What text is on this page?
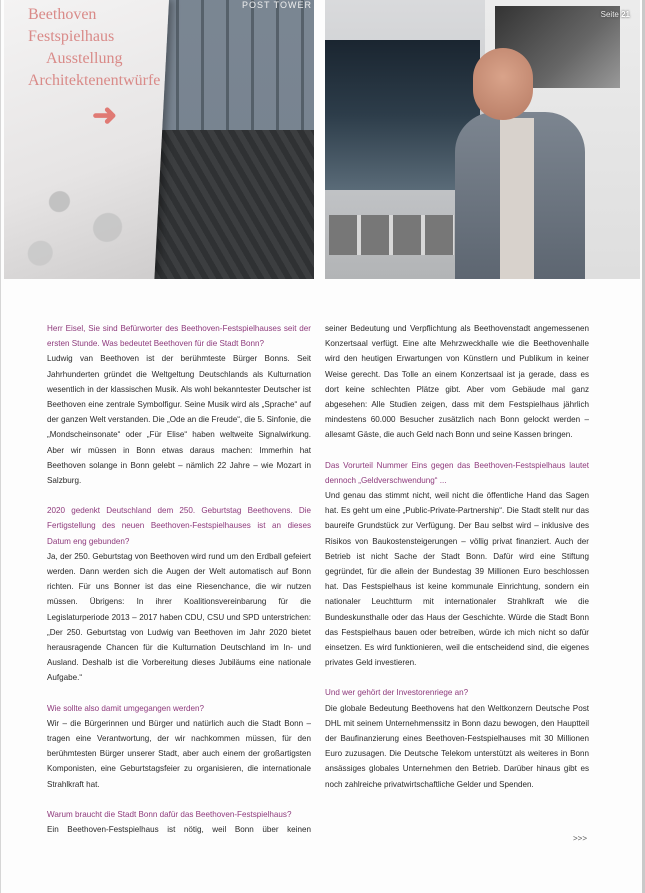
POST TOWER
Beethoven Festspielhaus
Ausstellung
Architektenentwürfe
➜
Seite 21

Herr Eisel, Sie sind Befürworter des Beethoven-Festspielhauses seit der ersten Stunde. Was bedeutet Beethoven für die Stadt Bonn?

Ludwig van Beethoven ist der berühmteste Bürger Bonns. Seit Jahrhunderten gründet die Weltgeltung Deutschlands als Kulturnation wesentlich in der klassischen Musik. Als wohl bekanntester Deutscher ist Beethoven eine zentrale Symbolfigur. Seine Musik wird als „Sprache“ auf der ganzen Welt verstanden. Die „Ode an die Freude“, die 5. Sinfonie, die „Mondscheinsonate“ oder „Für Elise“ haben weltweite Signalwirkung. Aber wir müssen in Bonn etwas daraus machen: Immerhin hat Beethoven solange in Bonn gelebt – nämlich 22 Jahre – wie Mozart in Salzburg.

2020 gedenkt Deutschland dem 250. Geburtstag Beethovens. Die Fertigstellung des neuen Beethoven-Festspielhauses ist an dieses Datum eng gebunden?

Ja, der 250. Geburtstag von Beethoven wird rund um den Erdball gefeiert werden. Dann werden sich die Augen der Welt automatisch auf Bonn richten. Für uns Bonner ist das eine Riesenchance, die wir nutzen müssen. Übrigens: In ihrer Koalitionsvereinbarung für die Legislaturperiode 2013 – 2017 haben CDU, CSU und SPD unterstrichen: „Der 250. Geburtstag von Ludwig van Beethoven im Jahr 2020 bietet herausragende Chancen für die Kulturnation Deutschland im In- und Ausland. Deshalb ist die Vorbereitung dieses Jubiläums eine nationale Aufgabe.“

Wie sollte also damit umgegangen werden?

Wir – die Bürgerinnen und Bürger und natürlich auch die Stadt Bonn – tragen eine Verantwortung, der wir nachkommen müssen, für den berühmtesten Bürger unserer Stadt, aber auch einem der großartigsten Komponisten, eine Geburtstagsfeier zu organisieren, die internationale Strahlkraft hat.

Warum braucht die Stadt Bonn dafür das Beethoven-Festspielhaus?

Ein Beethoven-Festspielhaus ist nötig, weil Bonn über keinen

seiner Bedeutung und Verpflichtung als Beethovenstadt angemessenen Konzertsaal verfügt. Eine alte Mehrzweckhalle wie die Beethovenhalle wird den heutigen Erwartungen von Künstlern und Publikum in keiner Weise gerecht. Das Tolle an einem Konzertsaal ist ja gerade, dass es dort keine schlechten Plätze gibt. Aber vom Gebäude mal ganz abgesehen: Alle Studien zeigen, dass mit dem Festspielhaus jährlich mindestens 60.000 Besucher zusätzlich nach Bonn gelockt werden – allesamt Gäste, die auch Geld nach Bonn und seine Kassen bringen.

Das Vorurteil Nummer Eins gegen das Beethoven-Festspielhaus lautet dennoch „Geldverschwendung“ ...

Und genau das stimmt nicht, weil nicht die öffentliche Hand das Sagen hat. Es geht um eine „Public-Private-Partnership“. Die Stadt stellt nur das baureife Grundstück zur Verfügung. Der Bau selbst wird – inklusive des Risikos von Baukostensteigerungen – völlig privat finanziert. Auch der Betrieb ist nicht Sache der Stadt Bonn. Dafür wird eine Stiftung gegründet, für die allein der Bundestag 39 Millionen Euro beschlossen hat. Das Festspielhaus ist keine kommunale Einrichtung, sondern ein nationaler Leuchtturm mit internationaler Strahlkraft wie die Bundeskunsthalle oder das Haus der Geschichte. Würde die Stadt Bonn das Festspielhaus bauen oder betreiben, würde ich mich nicht so dafür einsetzen. Es wird funktionieren, weil die entscheidend sind, die eigenes privates Geld investieren.

Und wer gehört der Investorenriege an?

Die globale Bedeutung Beethovens hat den Weltkonzern Deutsche Post DHL mit seinem Unternehmenssitz in Bonn dazu bewogen, den Hauptteil der Baufinanzierung eines Beethoven-Festspielhauses mit 30 Millionen Euro zuzusagen. Die Deutsche Telekom unterstützt als weiteres in Bonn ansässiges globales Unternehmen den Betrieb. Darüber hinaus gibt es noch zahlreiche privatwirtschaftliche Gelder und Spenden.

>>>
